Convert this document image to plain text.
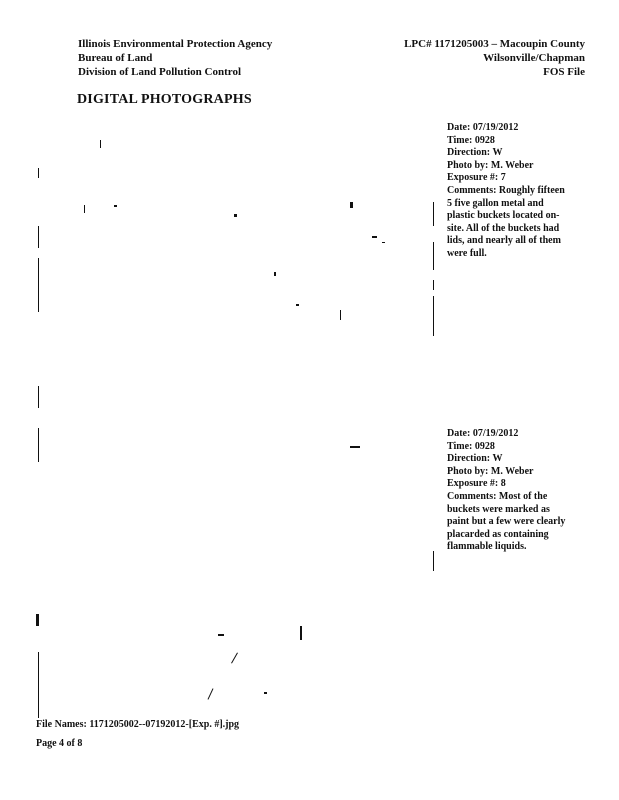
Illinois Environmental Protection Agency
Bureau of Land
Division of Land Pollution Control
LPC# 1171205003 – Macoupin County
Wilsonville/Chapman
FOS File
DIGITAL PHOTOGRAPHS
Date: 07/19/2012
Time: 0928
Direction: W
Photo by: M. Weber
Exposure #: 7
Comments: Roughly fifteen 5 five gallon metal and plastic buckets located on-site. All of the buckets had lids, and nearly all of them were full.
Date: 07/19/2012
Time: 0928
Direction: W
Photo by: M. Weber
Exposure #: 8
Comments: Most of the buckets were marked as paint but a few were clearly placarded as containing flammable liquids.
File Names: 1171205002--07192012-[Exp. #].jpg
Page 4 of 8
